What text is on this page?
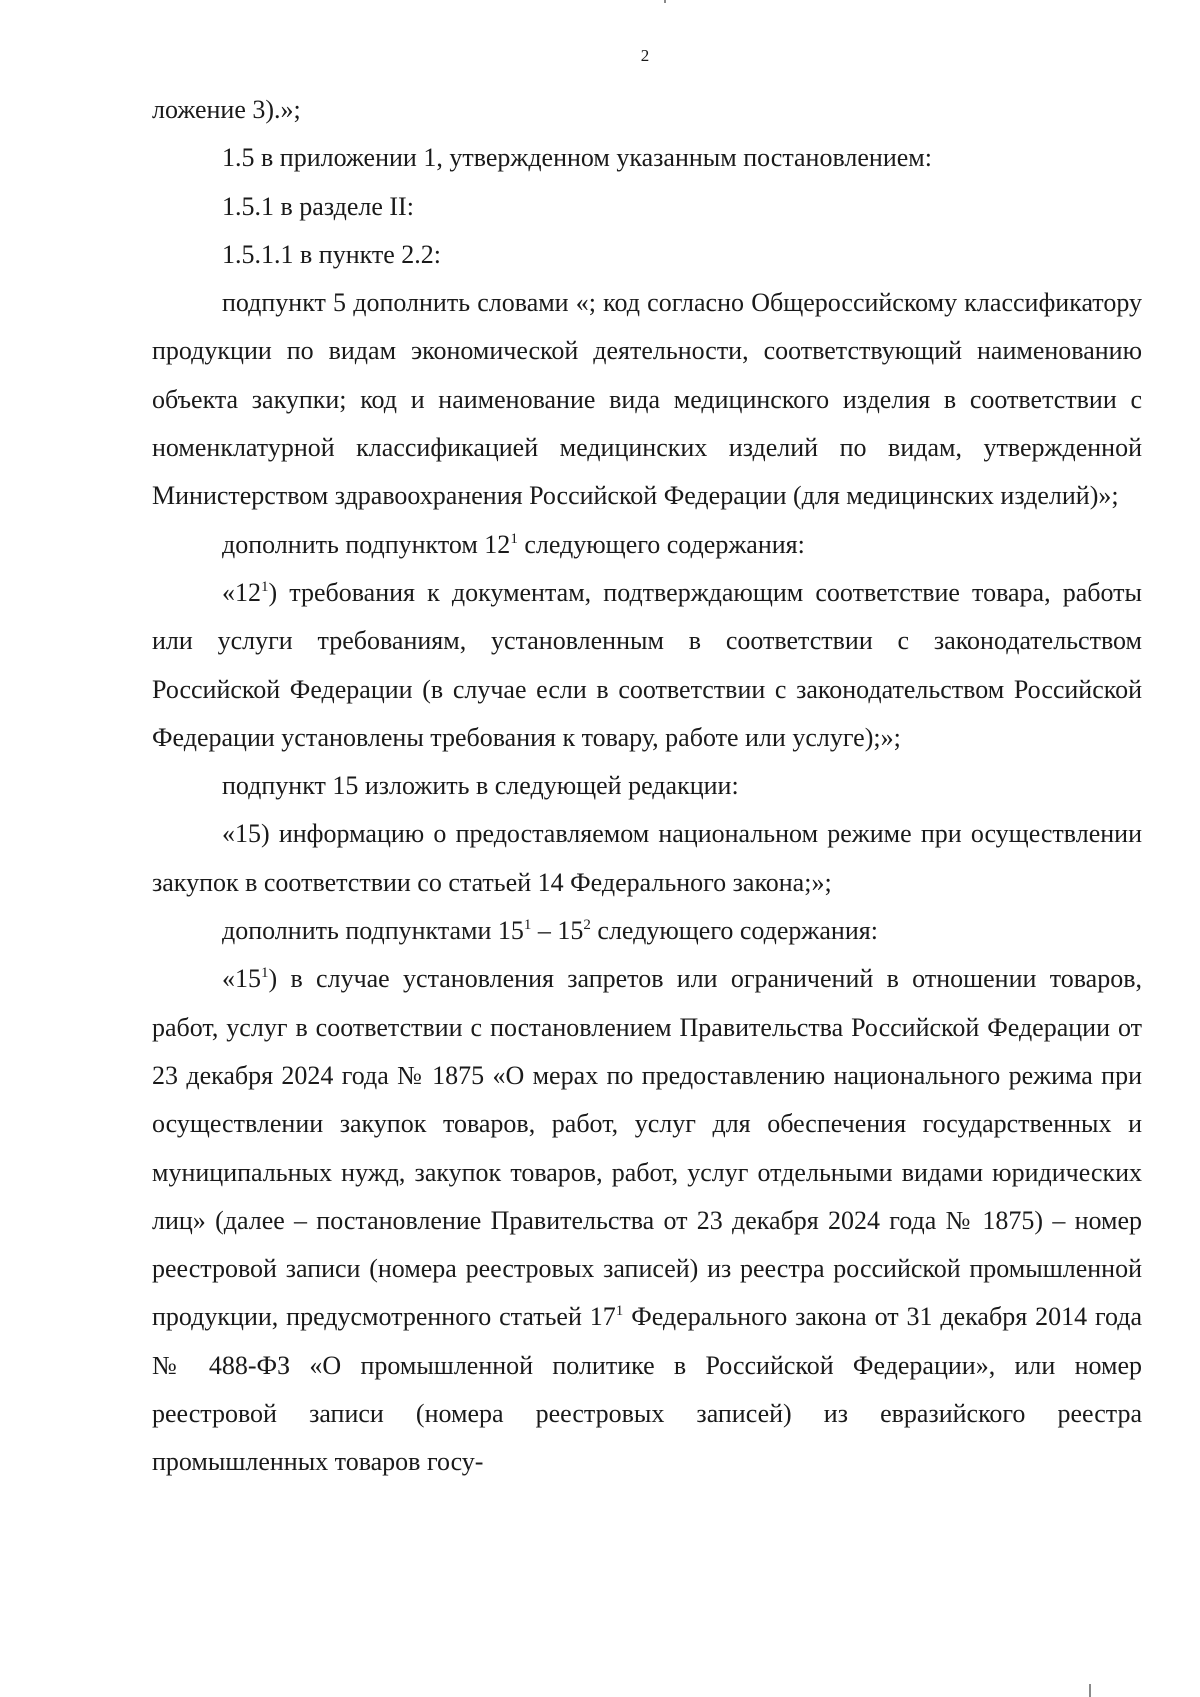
2

ложение 3).»;

1.5 в приложении 1, утвержденном указанным постановлением:

1.5.1 в разделе II:

1.5.1.1 в пункте 2.2:

подпункт 5 дополнить словами «; код согласно Общероссийскому классификатору продукции по видам экономической деятельности, соответствующий наименованию объекта закупки; код и наименование вида медицинского изделия в соответствии с номенклатурной классификацией медицинских изделий по видам, утвержденной Министерством здравоохранения Российской Федерации (для медицинских изделий)»;

дополнить подпунктом $12^1$ следующего содержания:

«$12^1$) требования к документам, подтверждающим соответствие товара, работы или услуги требованиям, установленным в соответствии с законодательством Российской Федерации (в случае если в соответствии с законодательством Российской Федерации установлены требования к товару, работе или услуге);»;

подпункт 15 изложить в следующей редакции:

«15) информацию о предоставляемом национальном режиме при осуществлении закупок в соответствии со статьей 14 Федерального закона;»;

дополнить подпунктами $15^1 - 15^2$ следующего содержания:

«$15^1$) в случае установления запретов или ограничений в отношении товаров, работ, услуг в соответствии с постановлением Правительства Российской Федерации от 23 декабря 2024 года № 1875 «О мерах по предоставлению национального режима при осуществлении закупок товаров, работ, услуг для обеспечения государственных и муниципальных нужд, закупок товаров, работ, услуг отдельными видами юридических лиц» (далее – постановление Правительства от 23 декабря 2024 года № 1875) – номер реестровой записи (номера реестровых записей) из реестра российской промышленной продукции, предусмотренного статьей $17^1$ Федерального закона от 31 декабря 2014 года № 488-ФЗ «О промышленной политике в Российской Федерации», или номер реестровой записи (номера реестровых записей) из евразийского реестра промышленных товаров госу-
